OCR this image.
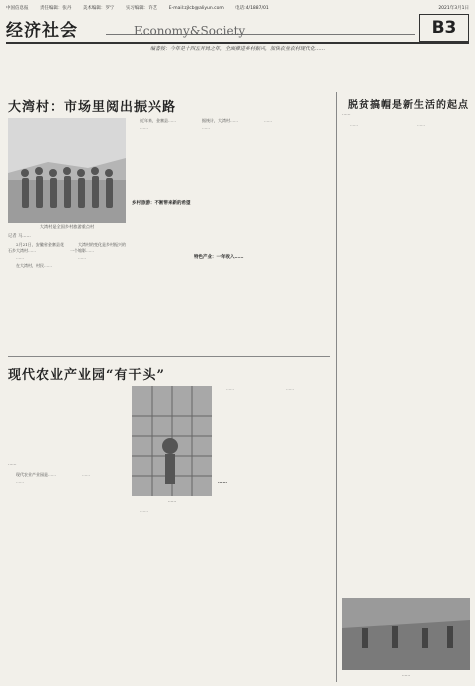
中国信息报	责任编辑：张丹	美术编辑：罗宁	实习编辑：许艺	E-mail:zjlcb@aliyun.com	电话:4/1887/01	2021年3月1日
经济社会	Economy&Society	B3
编者按：今年是十四五开局之年，全面推进乡村振兴，加快农业农村现代化……
大湾村：市场里阅出振兴路
大湾村是全国乡村旅游重点村
记者 马……

2月21日，安徽省金寨县花石乡大湾村……

……

在大湾村，村民……

大湾村的变化是乡村振兴的一个缩影……

……

近年来，金寨县……

……

乡村旅游：不断带来新的希望

据统计，大湾村……

……

特色产业：一年收入……

……

现代农业产业园“有干头”
……

现代农业产业园是……

……

……

……

……

……

……	……

脱贫搞帽是新生活的起点
……

……	……

……
